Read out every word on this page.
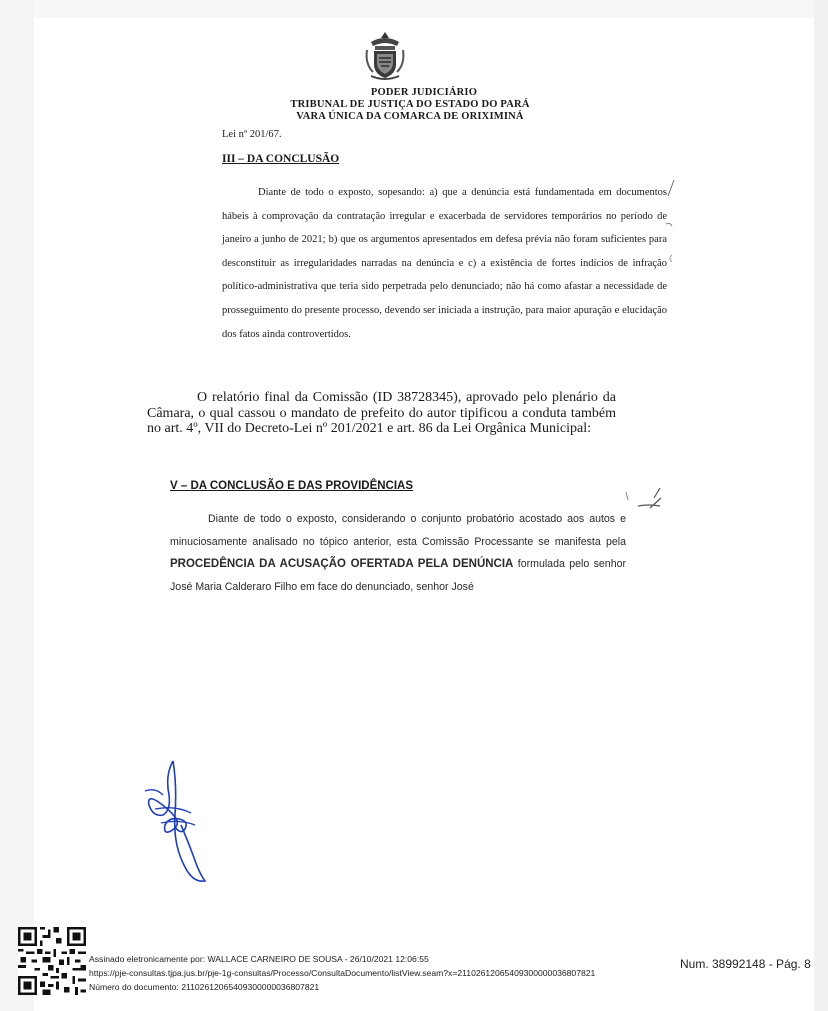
PODER JUDICIÁRIO
TRIBUNAL DE JUSTIÇA DO ESTADO DO PARÁ
VARA ÚNICA DA COMARCA DE ORIXIMINÁ
Lei nº 201/67.
III – DA CONCLUSÃO
Diante de todo o exposto, sopesando: a) que a denúncia está fundamentada em documentos hábeis à comprovação da contratação irregular e exacerbada de servidores temporários no período de janeiro a junho de 2021; b) que os argumentos apresentados em defesa prévia não foram suficientes para desconstituir as irregularidades narradas na denúncia e c) a existência de fortes indícios de infração político-administrativa que teria sido perpetrada pelo denunciado; não há como afastar a necessidade de prosseguimento do presente processo, devendo ser iniciada a instrução, para maior apuração e elucidação dos fatos ainda controvertidos.
O relatório final da Comissão (ID 38728345), aprovado pelo plenário da Câmara, o qual cassou o mandato de prefeito do autor tipificou a conduta também no art. 4º, VII do Decreto-Lei nº 201/2021 e art. 86 da Lei Orgânica Municipal:
V – DA CONCLUSÃO E DAS PROVIDÊNCIAS
Diante de todo o exposto, considerando o conjunto probatório acostado aos autos e minuciosamente analisado no tópico anterior, esta Comissão Processante se manifesta pela PROCEDÊNCIA DA ACUSAÇÃO OFERTADA PELA DENÚNCIA formulada pelo senhor José Maria Calderaro Filho em face do denunciado, senhor José
Assinado eletronicamente por: WALLACE CARNEIRO DE SOUSA - 26/10/2021 12:06:55
https://pje-consultas.tjpa.jus.br/pje-1g-consultas/Processo/ConsultaDocumento/listView.seam?x=21102612065409300000036807821
Número do documento: 21102612065409300000036807821
Num. 38992148 - Pág. 8
